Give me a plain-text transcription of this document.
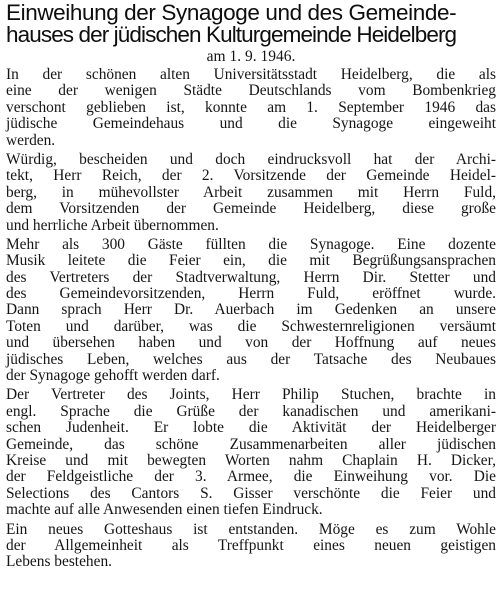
Einweihung der Synagoge und des Gemeinde-
hauses der jüdischen Kulturgemeinde Heidelberg
am 1. 9. 1946.

In der schönen alten Universitätsstadt Heidelberg, die als
eine der wenigen Städte Deutschlands vom Bombenkrieg
verschont geblieben ist, konnte am 1. September 1946 das
jüdische Gemeindehaus und die Synagoge eingeweiht
werden.

Würdig, bescheiden und doch eindrucksvoll hat der Archi-
tekt, Herr Reich, der 2. Vorsitzende der Gemeinde Heidel-
berg, in mühevollster Arbeit zusammen mit Herrn Fuld,
dem Vorsitzenden der Gemeinde Heidelberg, diese große
und herrliche Arbeit übernommen.

Mehr als 300 Gäste füllten die Synagoge. Eine dozente
Musik leitete die Feier ein, die mit Begrüßungsansprachen
des Vertreters der Stadtverwaltung, Herrn Dir. Stetter und
des Gemeindevorsitzenden, Herrn Fuld, eröffnet wurde.
Dann sprach Herr Dr. Auerbach im Gedenken an unsere
Toten und darüber, was die Schwesternreligionen versäumt
und übersehen haben und von der Hoffnung auf neues
jüdisches Leben, welches aus der Tatsache des Neubaues
der Synagoge gehofft werden darf.

Der Vertreter des Joints, Herr Philip Stuchen, brachte in
engl. Sprache die Grüße der kanadischen und amerikani-
schen Judenheit. Er lobte die Aktivität der Heidelberger
Gemeinde, das schöne Zusammenarbeiten aller jüdischen
Kreise und mit bewegten Worten nahm Chaplain H. Dicker,
der Feldgeistliche der 3. Armee, die Einweihung vor. Die
Selections des Cantors S. Gisser verschönte die Feier und
machte auf alle Anwesenden einen tiefen Eindruck.

Ein neues Gotteshaus ist entstanden. Möge es zum Wohle
der Allgemeinheit als Treffpunkt eines neuen geistigen
Lebens bestehen.
